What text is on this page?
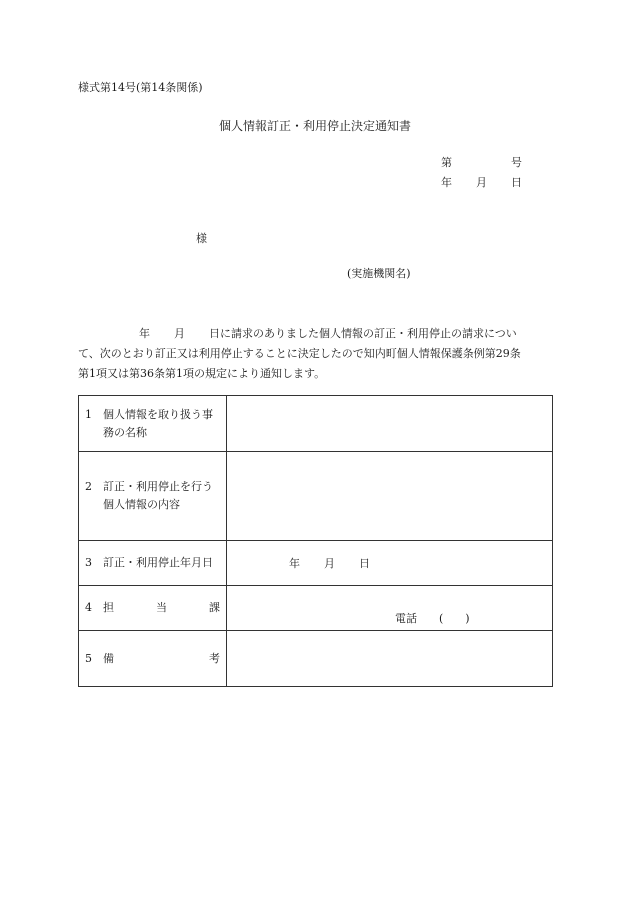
様式第14号(第14条関係)
個人情報訂正・利用停止決定通知書
第	号
年 月 日
様
(実施機関名)
年 月 日に請求のありました個人情報の訂正・利用停止の請求につい
て、次のとおり訂正又は利用停止することに決定したので知内町個人情報保護条例第29条
第1項又は第36条第1項の規定により通知します。
1 個人情報を取り扱う事務の名称	

2 訂正・利用停止を行う個人情報の内容	

3 訂正・利用停止年月日	年 月 日

4 担 当 課	電話 ( )

5 備 考	
